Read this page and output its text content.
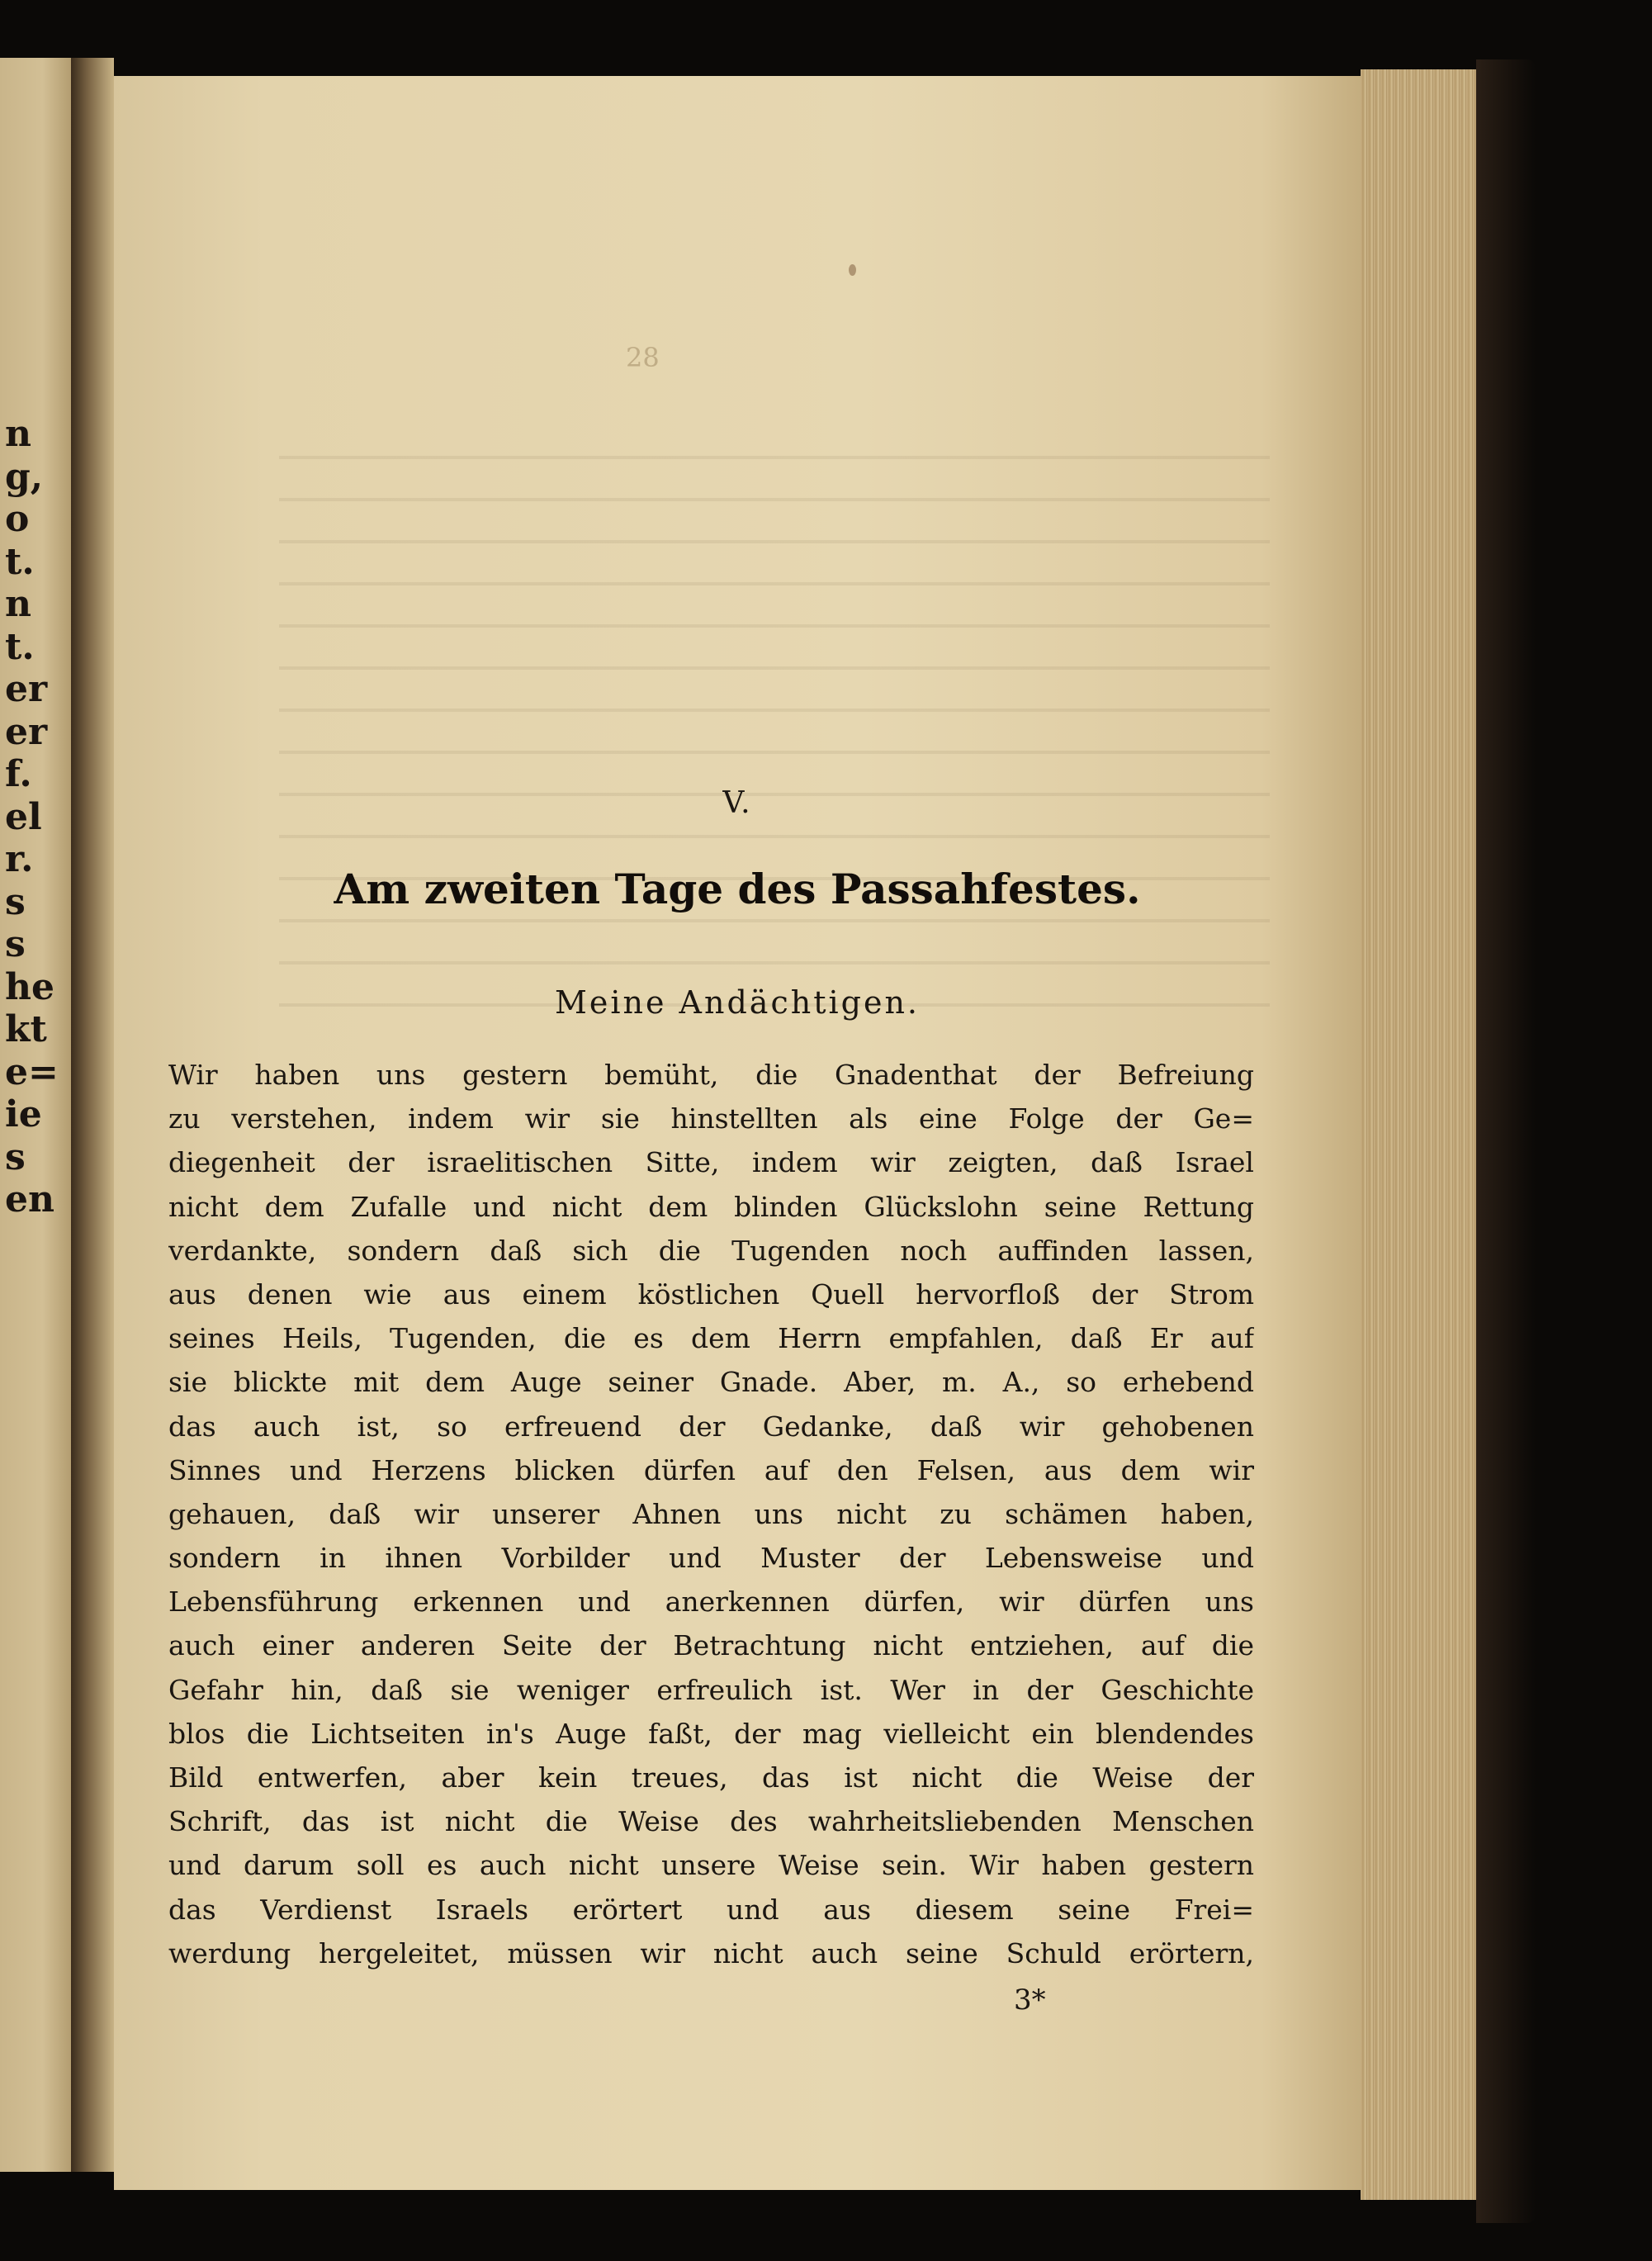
n
g,
o
t.
n
t.
er
er
f.
el
r.
s
s
he
kt
e=
ie
s
en
28
V.
Am zweiten Tage des Passahfestes.
Meine Andächtigen.
Wir haben uns gestern bemüht, die Gnadenthat der Befreiung
zu verstehen, indem wir sie hinstellten als eine Folge der Ge=
diegenheit der israelitischen Sitte, indem wir zeigten, daß Israel
nicht dem Zufalle und nicht dem blinden Glückslohn seine Rettung
verdankte, sondern daß sich die Tugenden noch auffinden lassen,
aus denen wie aus einem köstlichen Quell hervorfloß der Strom
seines Heils, Tugenden, die es dem Herrn empfahlen, daß Er auf
sie blickte mit dem Auge seiner Gnade. Aber, m. A., so erhebend
das auch ist, so erfreuend der Gedanke, daß wir gehobenen
Sinnes und Herzens blicken dürfen auf den Felsen, aus dem wir
gehauen, daß wir unserer Ahnen uns nicht zu schämen haben,
sondern in ihnen Vorbilder und Muster der Lebensweise und
Lebensführung erkennen und anerkennen dürfen, wir dürfen uns
auch einer anderen Seite der Betrachtung nicht entziehen, auf die
Gefahr hin, daß sie weniger erfreulich ist. Wer in der Geschichte
blos die Lichtseiten in's Auge faßt, der mag vielleicht ein blendendes
Bild entwerfen, aber kein treues, das ist nicht die Weise der
Schrift, das ist nicht die Weise des wahrheitsliebenden Menschen
und darum soll es auch nicht unsere Weise sein. Wir haben gestern
das Verdienst Israels erörtert und aus diesem seine Frei=
werdung hergeleitet, müssen wir nicht auch seine Schuld erörtern,
3*
